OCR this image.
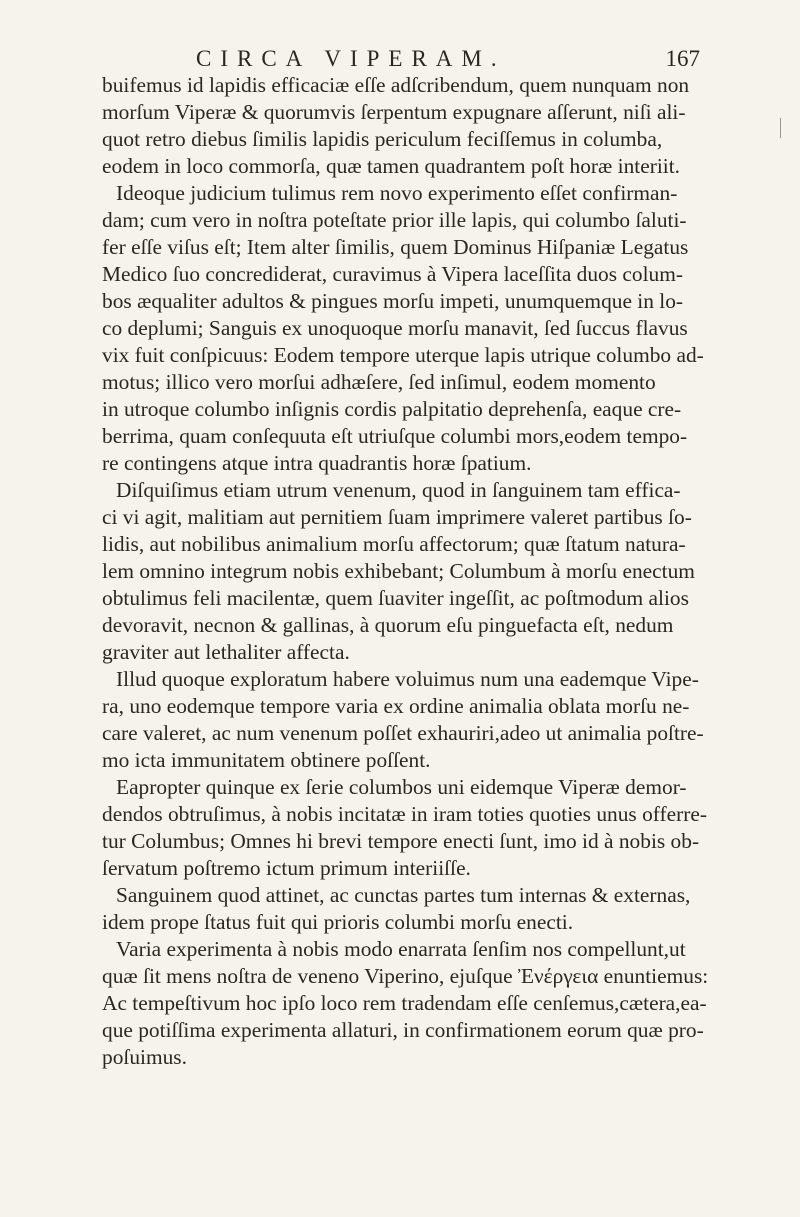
CIRCA VIPERAM.	167
buifemus id lapidis efficaciæ eſſe adſcribendum, quem nunquam non
morſum Viperæ & quorumvis ſerpentum expugnare aſſerunt, niſi ali-
quot retro diebus ſimilis lapidis periculum feciſſemus in columba,
eodem in loco commorſa, quæ tamen quadrantem poſt horæ interiit.
Ideoque judicium tulimus rem novo experimento eſſet confirman-
dam; cum vero in noſtra poteſtate prior ille lapis, qui columbo ſaluti-
fer eſſe viſus eſt; Item alter ſimilis, quem Dominus Hiſpaniæ Legatus
Medico ſuo concrediderat, curavimus à Vipera laceſſita duos colum-
bos æqualiter adultos & pingues morſu impeti, unumquemque in lo-
co deplumi; Sanguis ex unoquoque morſu manavit, ſed ſuccus flavus
vix fuit conſpicuus: Eodem tempore uterque lapis utrique columbo ad-
motus; illico vero morſui adhæſere, ſed inſimul, eodem momento
in utroque columbo inſignis cordis palpitatio deprehenſa, eaque cre-
berrima, quam conſequuta eſt utriuſque columbi mors,eodem tempo-
re contingens atque intra quadrantis horæ ſpatium.
Diſquiſimus etiam utrum venenum, quod in ſanguinem tam effica-
ci vi agit, malitiam aut pernitiem ſuam imprimere valeret partibus ſo-
lidis, aut nobilibus animalium morſu affectorum; quæ ſtatum natura-
lem omnino integrum nobis exhibebant; Columbum à morſu enectum
obtulimus feli macilentæ, quem ſuaviter ingeſſit, ac poſtmodum alios
devoravit, necnon & gallinas, à quorum eſu pinguefacta eſt, nedum
graviter aut lethaliter affecta.
Illud quoque exploratum habere voluimus num una eademque Vipe-
ra, uno eodemque tempore varia ex ordine animalia oblata morſu ne-
care valeret, ac num venenum poſſet exhauriri,adeo ut animalia poſtre-
mo icta immunitatem obtinere poſſent.
Eapropter quinque ex ſerie columbos uni eidemque Viperæ demor-
dendos obtruſimus, à nobis incitatæ in iram toties quoties unus offerre-
tur Columbus; Omnes hi brevi tempore enecti ſunt, imo id à nobis ob-
ſervatum poſtremo ictum primum interiiſſe.
Sanguinem quod attinet, ac cunctas partes tum internas & externas,
idem prope ſtatus fuit qui prioris columbi morſu enecti.
Varia experimenta à nobis modo enarrata ſenſim nos compellunt,ut
quæ ſit mens noſtra de veneno Viperino, ejuſque Ἐνέργεια enuntiemus:
Ac tempeſtivum hoc ipſo loco rem tradendam eſſe cenſemus,cætera,ea-
que potiſſima experimenta allaturi, in confirmationem eorum quæ pro-
poſuimus.
